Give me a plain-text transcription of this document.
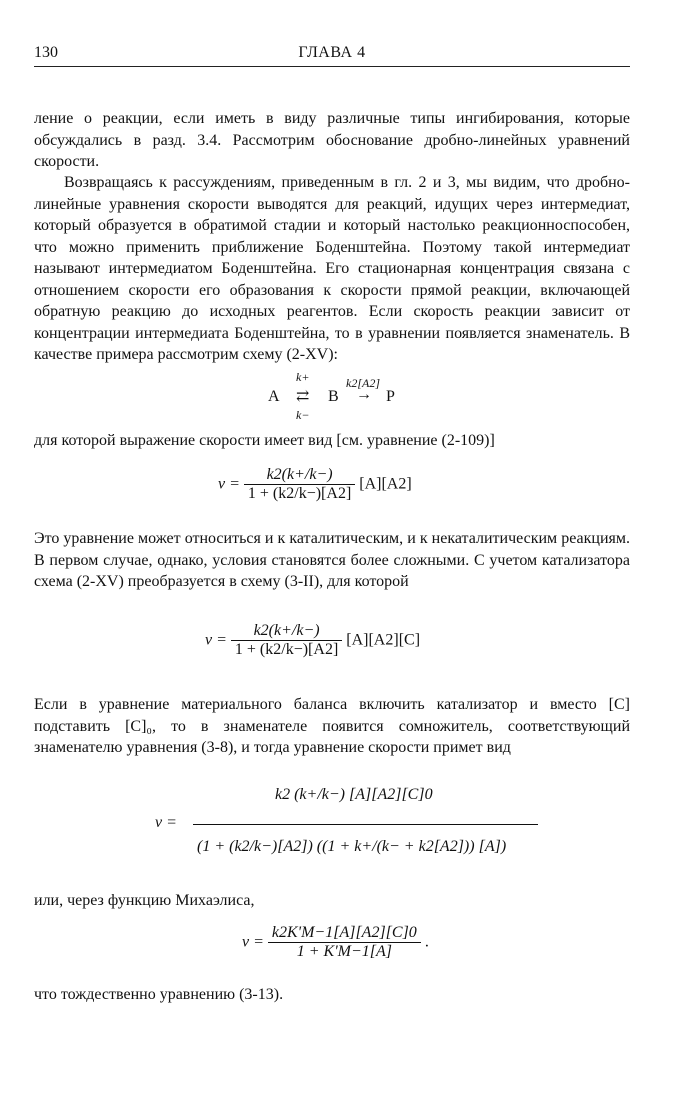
130	ГЛАВА 4

ление о реакции, если иметь в виду различные типы ингибирования, которые обсуждались в разд. 3.4. Рассмотрим обоснование дробно-линейных уравнений скорости.

Возвращаясь к рассуждениям, приведенным в гл. 2 и 3, мы видим, что дробно-линейные уравнения скорости выводятся для реакций, идущих через интермедиат, который образуется в обратимой стадии и который настолько реакционноспособен, что можно применить приближение Боденштейна. Поэтому такой интермедиат называют интермедиатом Боденштейна. Его стационарная концентрация связана с отношением скорости его образования к скорости прямой реакции, включающей обратную реакцию до исходных реагентов. Если скорость реакции зависит от концентрации интермедиата Боденштейна, то в уравнении появляется знаменатель. В качестве примера рассмотрим схему (2-XV):

k+	k2[A2]
A ⇄ B → P
k−

для которой выражение скорости имеет вид [см. уравнение (2-109)]

$v = \frac{k2(k+/k-)}{1 + (k2/k-)[A2]} [A][A2]$

Это уравнение может относиться и к каталитическим, и к некаталитическим реакциям. В первом случае, однако, условия становятся более сложными. С учетом катализатора схема (2-XV) преобразуется в схему (3-II), для которой

$v = \frac{k2(k+/k-)}{1 + (k2/k-)[A2]} [A][A2][C]$

Если в уравнение материального баланса включить катализатор и вместо [С] подставить [С]₀, то в знаменателе появится сомножитель, соответствующий знаменателю уравнения (3-8), и тогда уравнение скорости примет вид

v =
k2 (k+/k−) [A][A2][C]0
(1 + (k2/k−)[A2]) ((1 + k+/(k− + k2[A2])) [A])

или, через функцию Михаэлиса,

$v = \frac{k2K'M-1[A][A2][C]0}{1 + K'M-1[A]}$ .

что тождественно уравнению (3-13).
